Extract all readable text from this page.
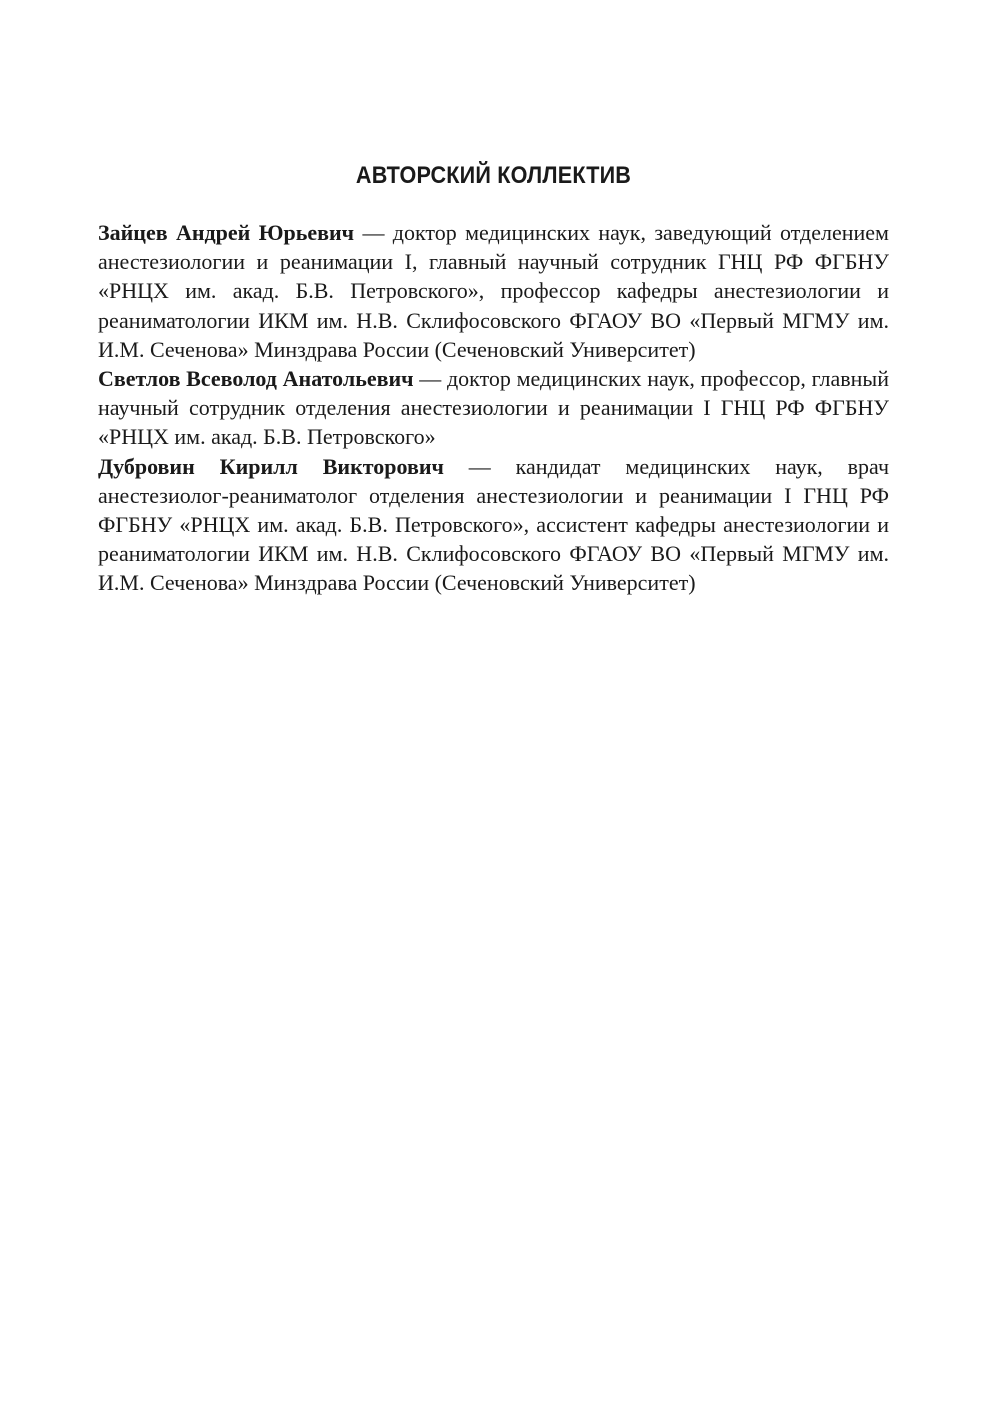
АВТОРСКИЙ КОЛЛЕКТИВ

Зайцев Андрей Юрьевич — доктор медицинских наук, заведующий отделением анестезиологии и реанимации I, главный научный сотрудник ГНЦ РФ ФГБНУ «РНЦХ им. акад. Б.В. Петровского», профессор кафедры анестезиологии и реаниматологии ИКМ им. Н.В. Склифосовского ФГАОУ ВО «Первый МГМУ им. И.М. Сеченова» Минздрава России (Сеченовский Университет)

Светлов Всеволод Анатольевич — доктор медицинских наук, профессор, главный научный сотрудник отделения анестезиологии и реанимации I ГНЦ РФ ФГБНУ «РНЦХ им. акад. Б.В. Петровского»

Дубровин Кирилл Викторович — кандидат медицинских наук, врач анестезиолог-реаниматолог отделения анестезиологии и реанимации I ГНЦ РФ ФГБНУ «РНЦХ им. акад. Б.В. Петровского», ассистент кафедры анестезиологии и реаниматологии ИКМ им. Н.В. Склифосовского ФГАОУ ВО «Первый МГМУ им. И.М. Сеченова» Минздрава России (Сеченовский Университет)
